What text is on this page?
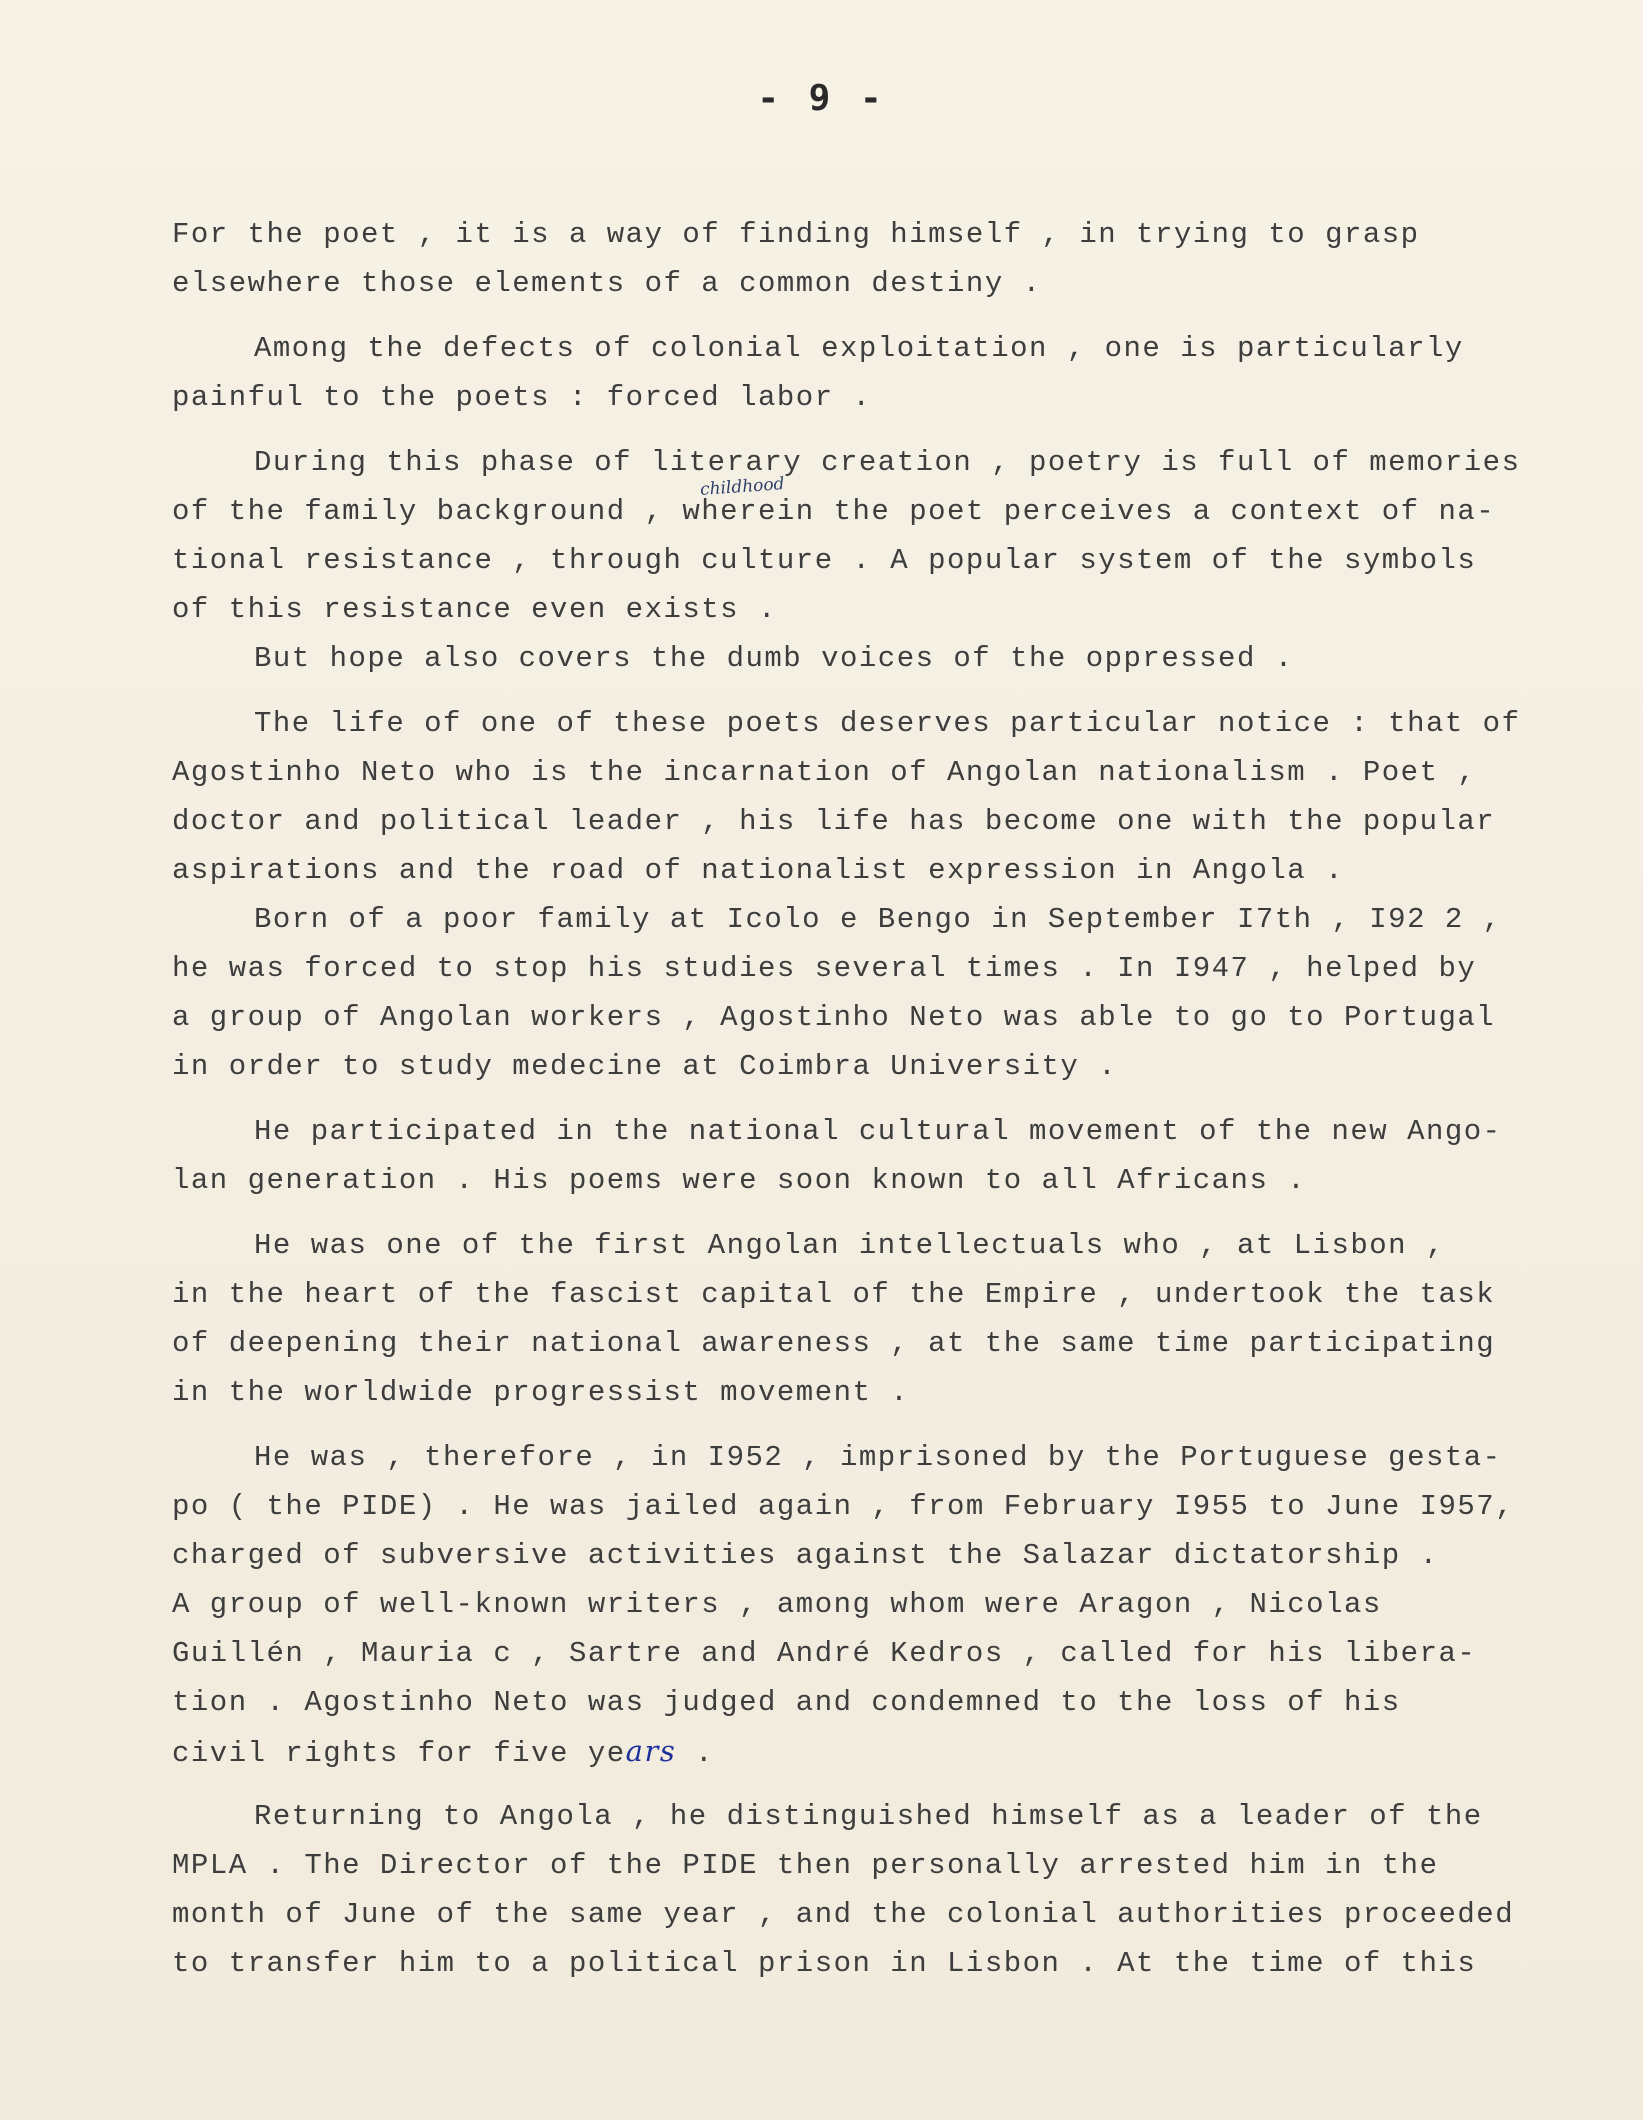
- 9 -
childhood
For the poet , it is a way of finding himself , in trying to grasp
elsewhere those elements of a common destiny .
Among the defects of colonial exploitation , one is particularly
painful to the poets : forced labor .
During this phase of literary creation , poetry is full of memories
of the family background , wherein the poet perceives a context of na-
tional resistance , through culture . A popular system of the symbols
of this resistance even exists .
But hope also covers the dumb voices of the oppressed .
The life of one of these poets deserves particular notice : that of
Agostinho Neto who is the incarnation of Angolan nationalism . Poet ,
doctor and political leader , his life has become one with the popular
aspirations and the road of nationalist expression in Angola .
Born of a poor family at Icolo e Bengo in September I7th , I92 2 ,
he was forced to stop his studies several times . In I947 , helped by
a group of Angolan workers , Agostinho Neto was able to go to Portugal
in order to study medecine at Coimbra University .
He participated in the national cultural movement of the new Ango-
lan generation . His poems were soon known to all Africans .
He was one of the first Angolan intellectuals who , at Lisbon ,
in the heart of the fascist capital of the Empire , undertook the task
of deepening their national awareness , at the same time participating
in the worldwide progressist movement .
He was , therefore , in I952 , imprisoned by the Portuguese gesta-
po ( the PIDE) . He was jailed again , from February I955 to June I957,
charged of subversive activities against the Salazar dictatorship .
A group of well-known writers , among whom were Aragon , Nicolas
Guillén , Mauria c , Sartre and André Kedros , called for his libera-
tion . Agostinho Neto was judged and condemned to the loss of his
civil rights for five years .
Returning to Angola , he distinguished himself as a leader of the
MPLA . The Director of the PIDE then personally arrested him in the
month of June of the same year , and the colonial authorities proceeded
to transfer him to a political prison in Lisbon . At the time of this
